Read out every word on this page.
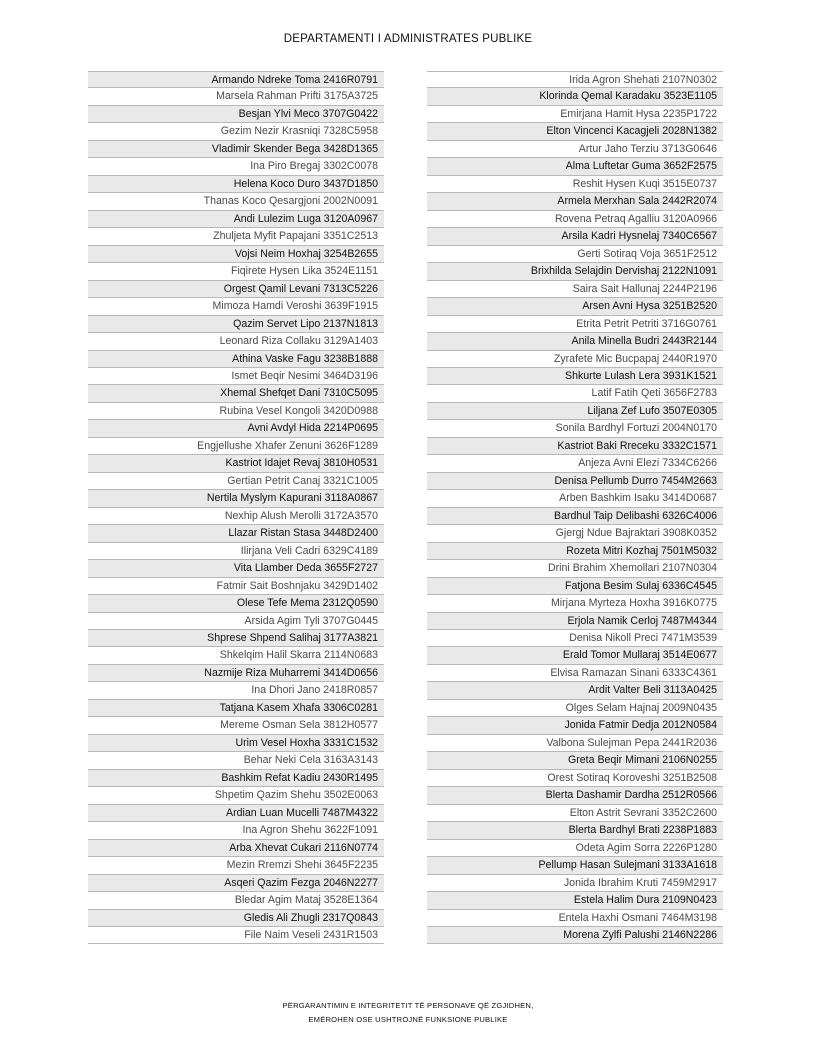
DEPARTAMENTI I ADMINISTRATES PUBLIKE
Armando Ndreke Toma 2416R0791
Marsela Rahman Prifti 3175A3725
Besjan Ylvi Meco 3707G0422
Gezim Nezir Krasniqi 7328C5958
Vladimir Skender Bega 3428D1365
Ina Piro Bregaj 3302C0078
Helena Koco Duro 3437D1850
Thanas Koco Qesargjoni 2002N0091
Andi Lulezim Luga 3120A0967
Zhuljeta Myfit Papajani 3351C2513
Vojsi Neim Hoxhaj 3254B2655
Fiqirete Hysen Lika 3524E1151
Orgest Qamil Levani 7313C5226
Mimoza Hamdi Veroshi 3639F1915
Qazim Servet Lipo 2137N1813
Leonard Riza Collaku 3129A1403
Athina Vaske Fagu 3238B1888
Ismet Beqir Nesimi 3464D3196
Xhemal Shefqet Dani 7310C5095
Rubina Vesel Kongoli 3420D0988
Avni Avdyl Hida 2214P0695
Engjellushe Xhafer Zenuni 3626F1289
Kastriot Idajet Revaj 3810H0531
Gertian Petrit Canaj 3321C1005
Nertila Myslym Kapurani 3118A0867
Nexhip Alush Merolli 3172A3570
Llazar Ristan Stasa 3448D2400
Ilirjana Veli Cadri 6329C4189
Vita Llamber Deda 3655F2727
Fatmir Sait Boshnjaku 3429D1402
Olese Tefe Mema 2312Q0590
Arsida Agim Tyli 3707G0445
Shprese Shpend Salihaj 3177A3821
Shkelqim Halil Skarra 2114N0683
Nazmije Riza Muharremi 3414D0656
Ina Dhori Jano 2418R0857
Tatjana Kasem Xhafa 3306C0281
Mereme Osman Sela 3812H0577
Urim Vesel Hoxha 3331C1532
Behar Neki Cela 3163A3143
Bashkim Refat Kadiu 2430R1495
Shpetim Qazim Shehu 3502E0063
Ardian Luan Mucelli 7487M4322
Ina Agron Shehu 3622F1091
Arba Xhevat Cukari 2116N0774
Mezin Rremzi Shehi 3645F2235
Asqeri Qazim Fezga 2046N2277
Bledar Agim Mataj 3528E1364
Gledis Ali Zhugli 2317Q0843
File Naim Veseli 2431R1503
Irida Agron Shehati 2107N0302
Klorinda Qemal Karadaku 3523E1105
Emirjana Hamit Hysa 2235P1722
Elton Vincenci Kacagjeli 2028N1382
Artur Jaho Terziu 3713G0646
Alma Luftetar Guma 3652F2575
Reshit Hysen Kuqi 3515E0737
Armela Merxhan Sala 2442R2074
Rovena Petraq Agalliu 3120A0966
Arsila Kadri Hysnelaj 7340C6567
Gerti Sotiraq Voja 3651F2512
Brixhilda Selajdin Dervishaj 2122N1091
Saira Sait Hallunaj 2244P2196
Arsen Avni Hysa 3251B2520
Etrita Petrit Petriti 3716G0761
Anila Minella Budri 2443R2144
Zyrafete Mic Bucpapaj 2440R1970
Shkurte Lulash Lera 3931K1521
Latif Fatih Qeti 3656F2783
Liljana Zef Lufo 3507E0305
Sonila Bardhyl Fortuzi 2004N0170
Kastriot Baki Rreceku 3332C1571
Anjeza Avni Elezi 7334C6266
Denisa Pellumb Durro 7454M2663
Arben Bashkim Isaku 3414D0687
Bardhul Taip Delibashi 6326C4006
Gjergj Ndue Bajraktari 3908K0352
Rozeta Mitri Kozhaj 7501M5032
Drini Brahim Xhemollari 2107N0304
Fatjona Besim Sulaj 6336C4545
Mirjana Myrteza Hoxha 3916K0775
Erjola Namik Cerloj 7487M4344
Denisa Nikoll Preci 7471M3539
Erald Tomor Mullaraj 3514E0677
Elvisa Ramazan Sinani 6333C4361
Ardit Valter Beli 3113A0425
Olges Selam Hajnaj 2009N0435
Jonida Fatmir Dedja 2012N0584
Valbona Sulejman Pepa 2441R2036
Greta Beqir Mimani 2106N0255
Orest Sotiraq Koroveshi 3251B2508
Blerta Dashamir Dardha 2512R0566
Elton Astrit Sevrani 3352C2600
Blerta Bardhyl Brati 2238P1883
Odeta Agim Sorra 2226P1280
Pellump Hasan Sulejmani 3133A1618
Jonida Ibrahim Kruti 7459M2917
Estela Halim Dura 2109N0423
Entela Haxhi Osmani 7464M3198
Morena Zylfi Palushi 2146N2286
PËRGARANTIMIN E INTEGRITETIT TË PERSONAVE QË ZGJIDHEN,
EMËROHEN OSE USHTROJNË FUNKSIONE PUBLIKE
